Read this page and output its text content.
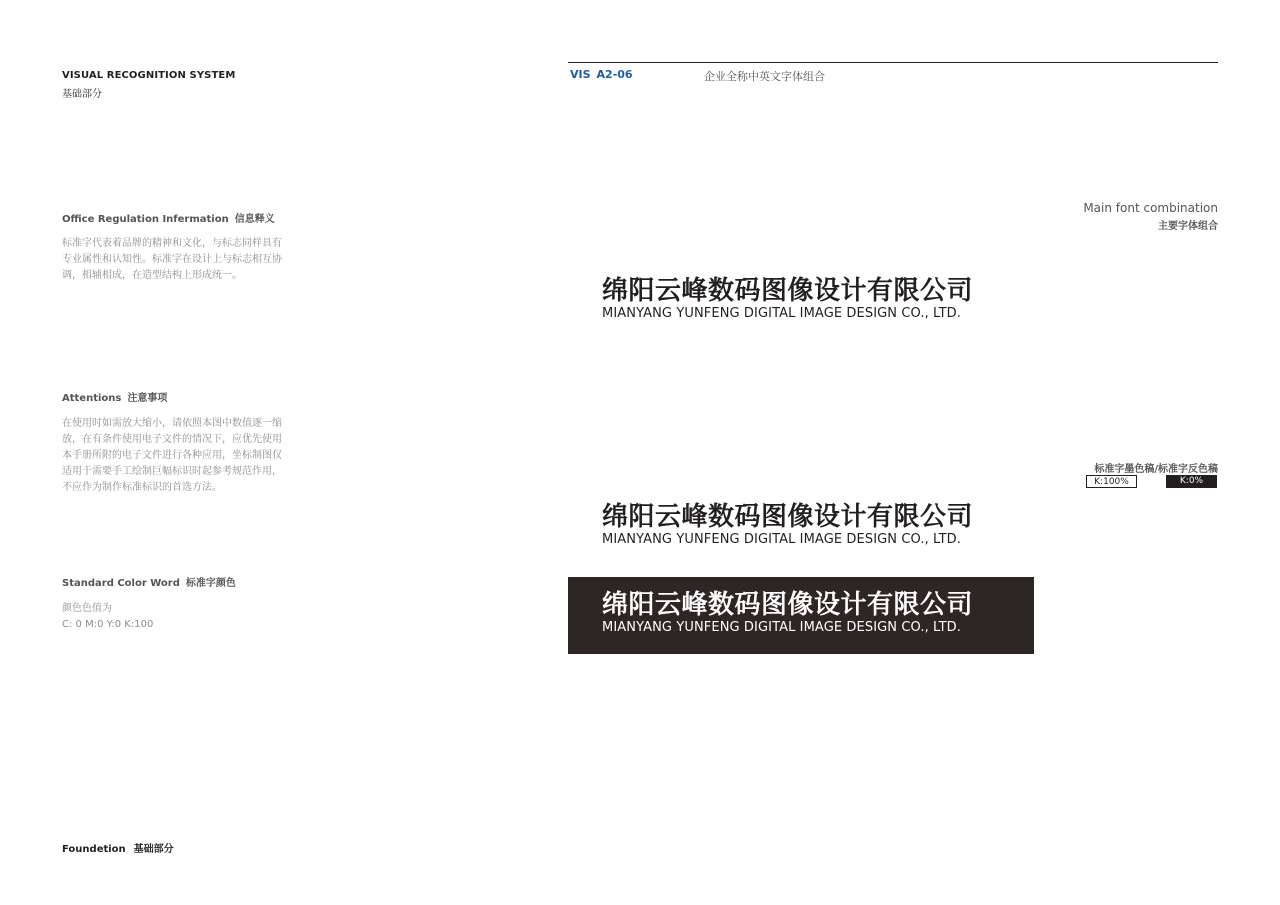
VISUAL RECOGNITION SYSTEM
基础部分
Office Regulation Infermation 信息释义
标准字代表着品牌的精神和文化，与标志同样具有专业属性和认知性。标准字在设计上与标志相互协调，相辅相成，在造型结构上形成统一。
Attentions 注意事项
在使用时如需放大缩小，请依照本图中数值逐一缩放，在有条件使用电子文件的情况下，应优先使用本手册所附的电子文件进行各种应用，坐标制图仅适用于需要手工绘制巨幅标识时起参考规范作用，不应作为制作标准标识的首选方法。
Standard Color Word 标准字颜色
颜色色值为
C: 0 M:0 Y:0 K:100
Foundetion 基础部分
VIS A2-06	企业全称中英文字体组合
Main font combination
主要字体组合
绵阳云峰数码图像设计有限公司
MIANYANG YUNFENG DIGITAL IMAGE DESIGN CO., LTD.
标准字墨色稿/标准字反色稿
K:100%	K:0%
绵阳云峰数码图像设计有限公司
MIANYANG YUNFENG DIGITAL IMAGE DESIGN CO., LTD.
绵阳云峰数码图像设计有限公司
MIANYANG YUNFENG DIGITAL IMAGE DESIGN CO., LTD.
